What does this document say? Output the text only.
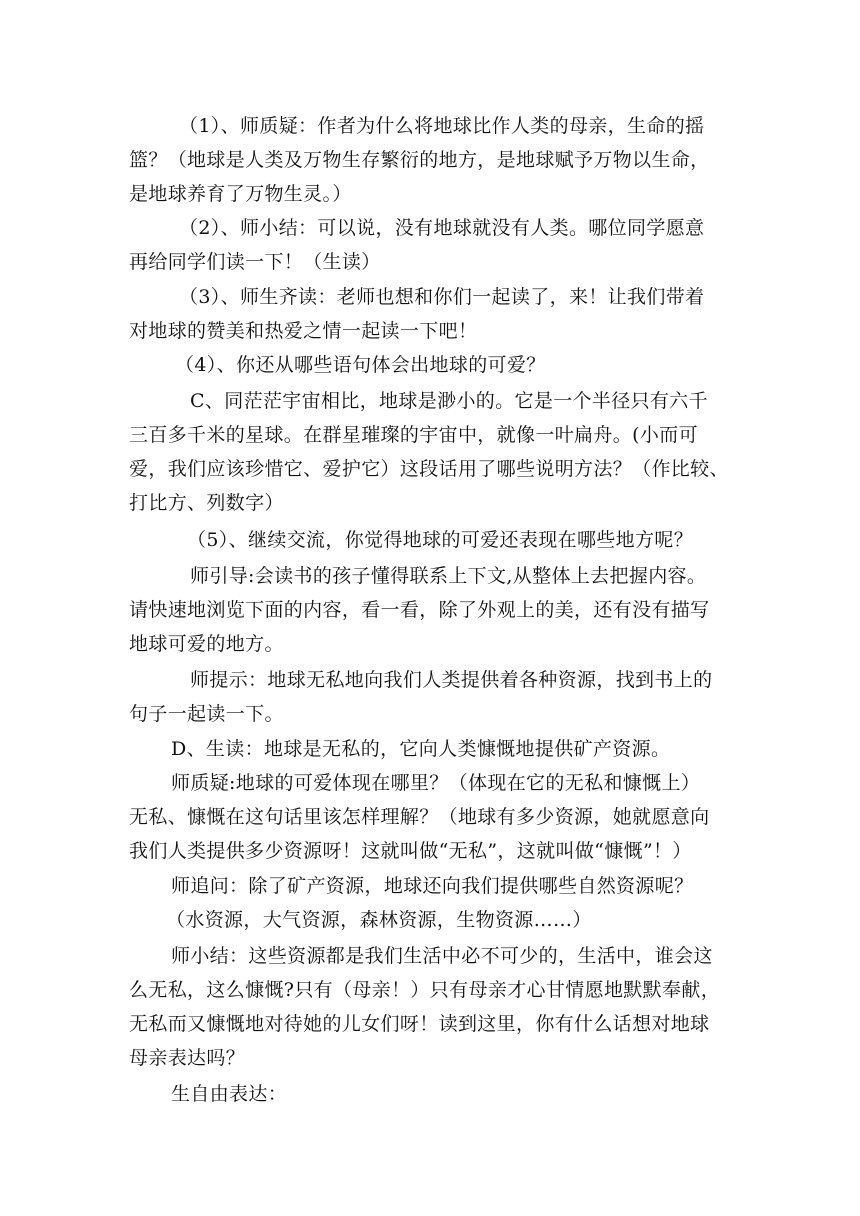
（1）、师质疑：作者为什么将地球比作人类的母亲，生命的摇
篮？（地球是人类及万物生存繁衍的地方，是地球赋予万物以生命，
是地球养育了万物生灵。）
（2）、师小结：可以说，没有地球就没有人类。哪位同学愿意
再给同学们读一下！（生读）
（3）、师生齐读：老师也想和你们一起读了，来！让我们带着
对地球的赞美和热爱之情一起读一下吧！
（4）、你还从哪些语句体会出地球的可爱？
C、同茫茫宇宙相比，地球是渺小的。它是一个半径只有六千
三百多千米的星球。在群星璀璨的宇宙中，就像一叶扁舟。(小而可
爱，我们应该珍惜它、爱护它）这段话用了哪些说明方法？（作比较、
打比方、列数字）
（5）、继续交流，你觉得地球的可爱还表现在哪些地方呢？
师引导:会读书的孩子懂得联系上下文,从整体上去把握内容。
请快速地浏览下面的内容，看一看，除了外观上的美，还有没有描写
地球可爱的地方。
师提示：地球无私地向我们人类提供着各种资源，找到书上的
句子一起读一下。
D、生读：地球是无私的，它向人类慷慨地提供矿产资源。
师质疑:地球的可爱体现在哪里？（体现在它的无私和慷慨上）
无私、慷慨在这句话里该怎样理解？（地球有多少资源，她就愿意向
我们人类提供多少资源呀！这就叫做“无私”，这就叫做“慷慨”！）
师追问：除了矿产资源，地球还向我们提供哪些自然资源呢？
（水资源，大气资源，森林资源，生物资源……）
师小结：这些资源都是我们生活中必不可少的，生活中，谁会这
么无私，这么慷慨?只有（母亲！）只有母亲才心甘情愿地默默奉献，
无私而又慷慨地对待她的儿女们呀！读到这里，你有什么话想对地球
母亲表达吗？
生自由表达：
